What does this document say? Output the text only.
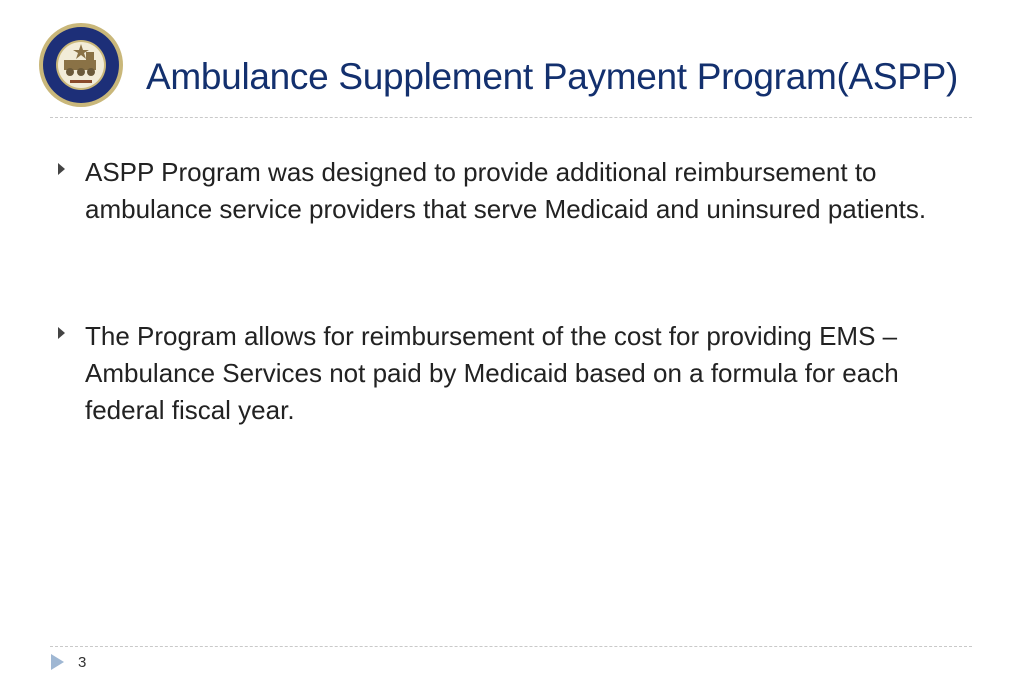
Ambulance Supplement Payment Program(ASPP)
ASPP Program was designed to provide additional reimbursement to ambulance service providers that serve Medicaid and uninsured patients.
The Program allows for reimbursement of the cost for providing EMS – Ambulance Services not paid by Medicaid based on a formula for each federal fiscal year.
3
